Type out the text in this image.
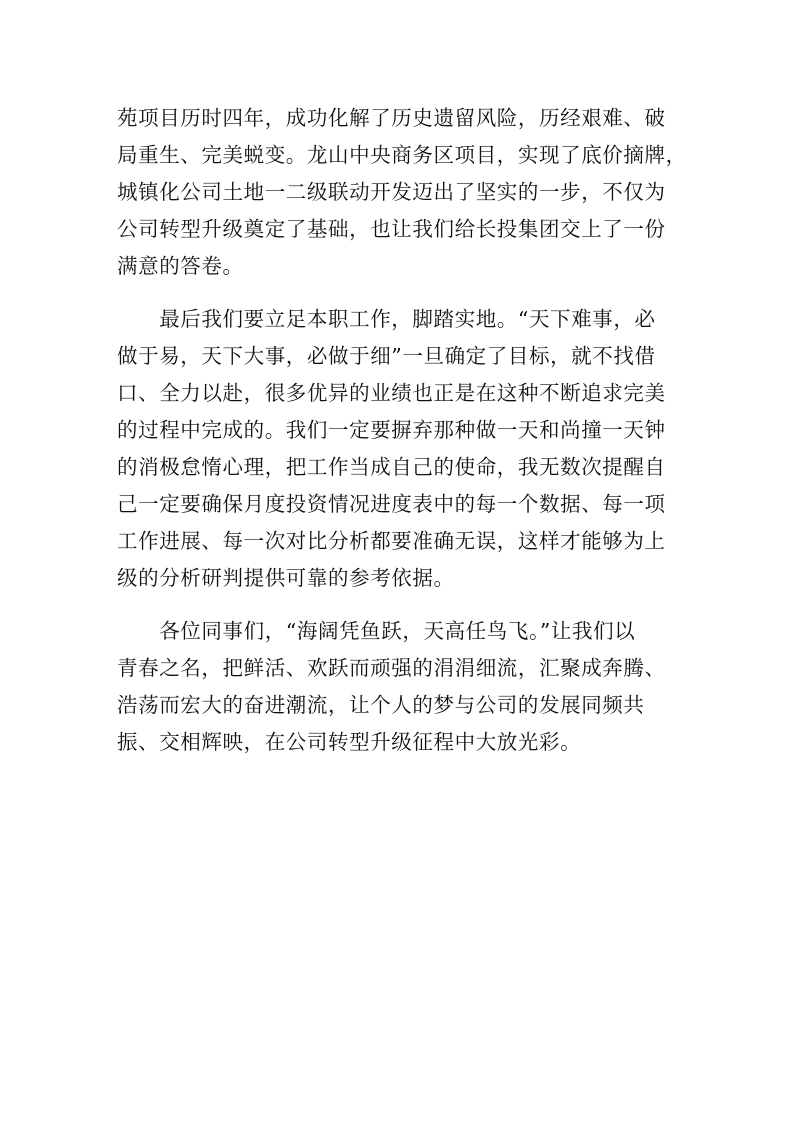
苑项目历时四年，成功化解了历史遗留风险，历经艰难、破
局重生、完美蜕变。龙山中央商务区项目，实现了底价摘牌，
城镇化公司土地一二级联动开发迈出了坚实的一步，不仅为
公司转型升级奠定了基础，也让我们给长投集团交上了一份
满意的答卷。
　　最后我们要立足本职工作，脚踏实地。“天下难事，必
做于易，天下大事，必做于细”一旦确定了目标，就不找借
口、全力以赴，很多优异的业绩也正是在这种不断追求完美
的过程中完成的。我们一定要摒弃那种做一天和尚撞一天钟
的消极怠惰心理，把工作当成自己的使命，我无数次提醒自
己一定要确保月度投资情况进度表中的每一个数据、每一项
工作进展、每一次对比分析都要准确无误，这样才能够为上
级的分析研判提供可靠的参考依据。
　　各位同事们，“海阔凭鱼跃，天高任鸟飞。”让我们以
青春之名，把鲜活、欢跃而顽强的涓涓细流，汇聚成奔腾、
浩荡而宏大的奋进潮流，让个人的梦与公司的发展同频共
振、交相辉映，在公司转型升级征程中大放光彩。
